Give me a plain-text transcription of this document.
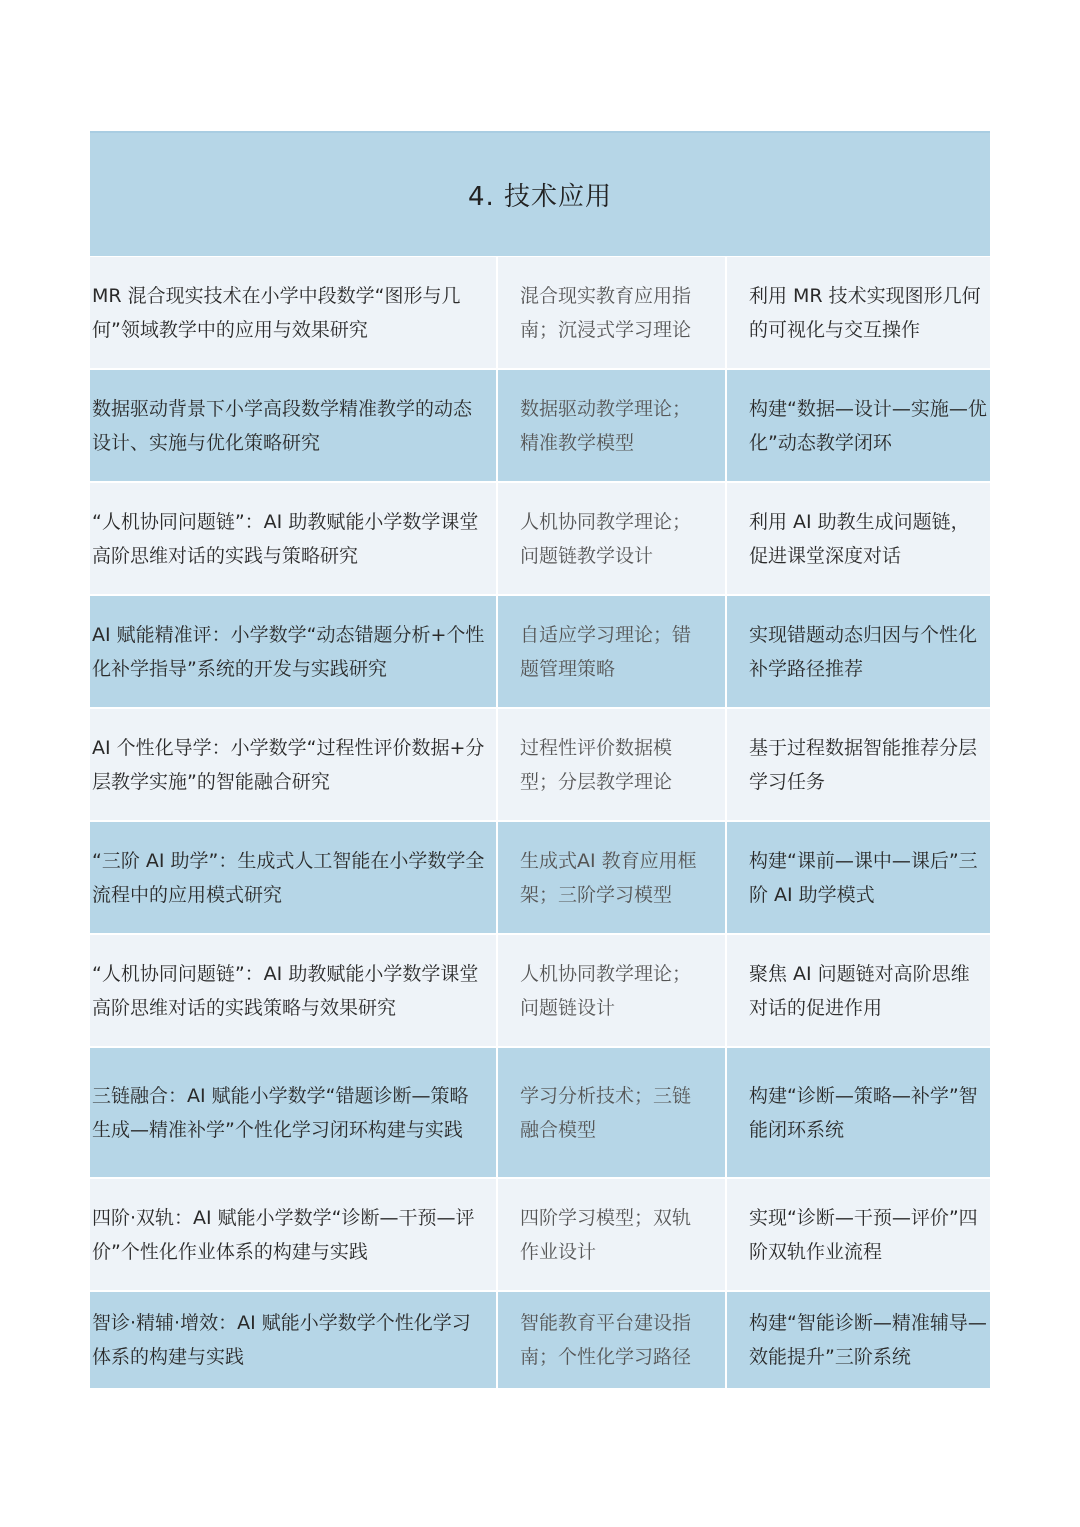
4. 技术应用
MR 混合现实技术在小学中段数学“图形与几何”领域教学中的应用与效果研究
混合现实教育应用指南；沉浸式学习理论
利用 MR 技术实现图形几何的可视化与交互操作
数据驱动背景下小学高段数学精准教学的动态设计、实施与优化策略研究
数据驱动教学理论；精准教学模型
构建“数据—设计—实施—优化”动态教学闭环
“人机协同问题链”：AI 助教赋能小学数学课堂高阶思维对话的实践与策略研究
人机协同教学理论；问题链教学设计
利用 AI 助教生成问题链，促进课堂深度对话
AI 赋能精准评：小学数学“动态错题分析+个性化补学指导”系统的开发与实践研究
自适应学习理论；错题管理策略
实现错题动态归因与个性化补学路径推荐
AI 个性化导学：小学数学“过程性评价数据+分层教学实施”的智能融合研究
过程性评价数据模型；分层教学理论
基于过程数据智能推荐分层学习任务
“三阶 AI 助学”：生成式人工智能在小学数学全流程中的应用模式研究
生成式AI 教育应用框架；三阶学习模型
构建“课前—课中—课后”三阶 AI 助学模式
“人机协同问题链”：AI 助教赋能小学数学课堂高阶思维对话的实践策略与效果研究
人机协同教学理论；问题链设计
聚焦 AI 问题链对高阶思维对话的促进作用
三链融合：AI 赋能小学数学“错题诊断—策略生成—精准补学”个性化学习闭环构建与实践
学习分析技术；三链融合模型
构建“诊断—策略—补学”智能闭环系统
四阶·双轨：AI 赋能小学数学“诊断—干预—评价”个性化作业体系的构建与实践
四阶学习模型；双轨作业设计
实现“诊断—干预—评价”四阶双轨作业流程
智诊·精辅·增效：AI 赋能小学数学个性化学习体系的构建与实践
智能教育平台建设指南；个性化学习路径
构建“智能诊断—精准辅导—效能提升”三阶系统
